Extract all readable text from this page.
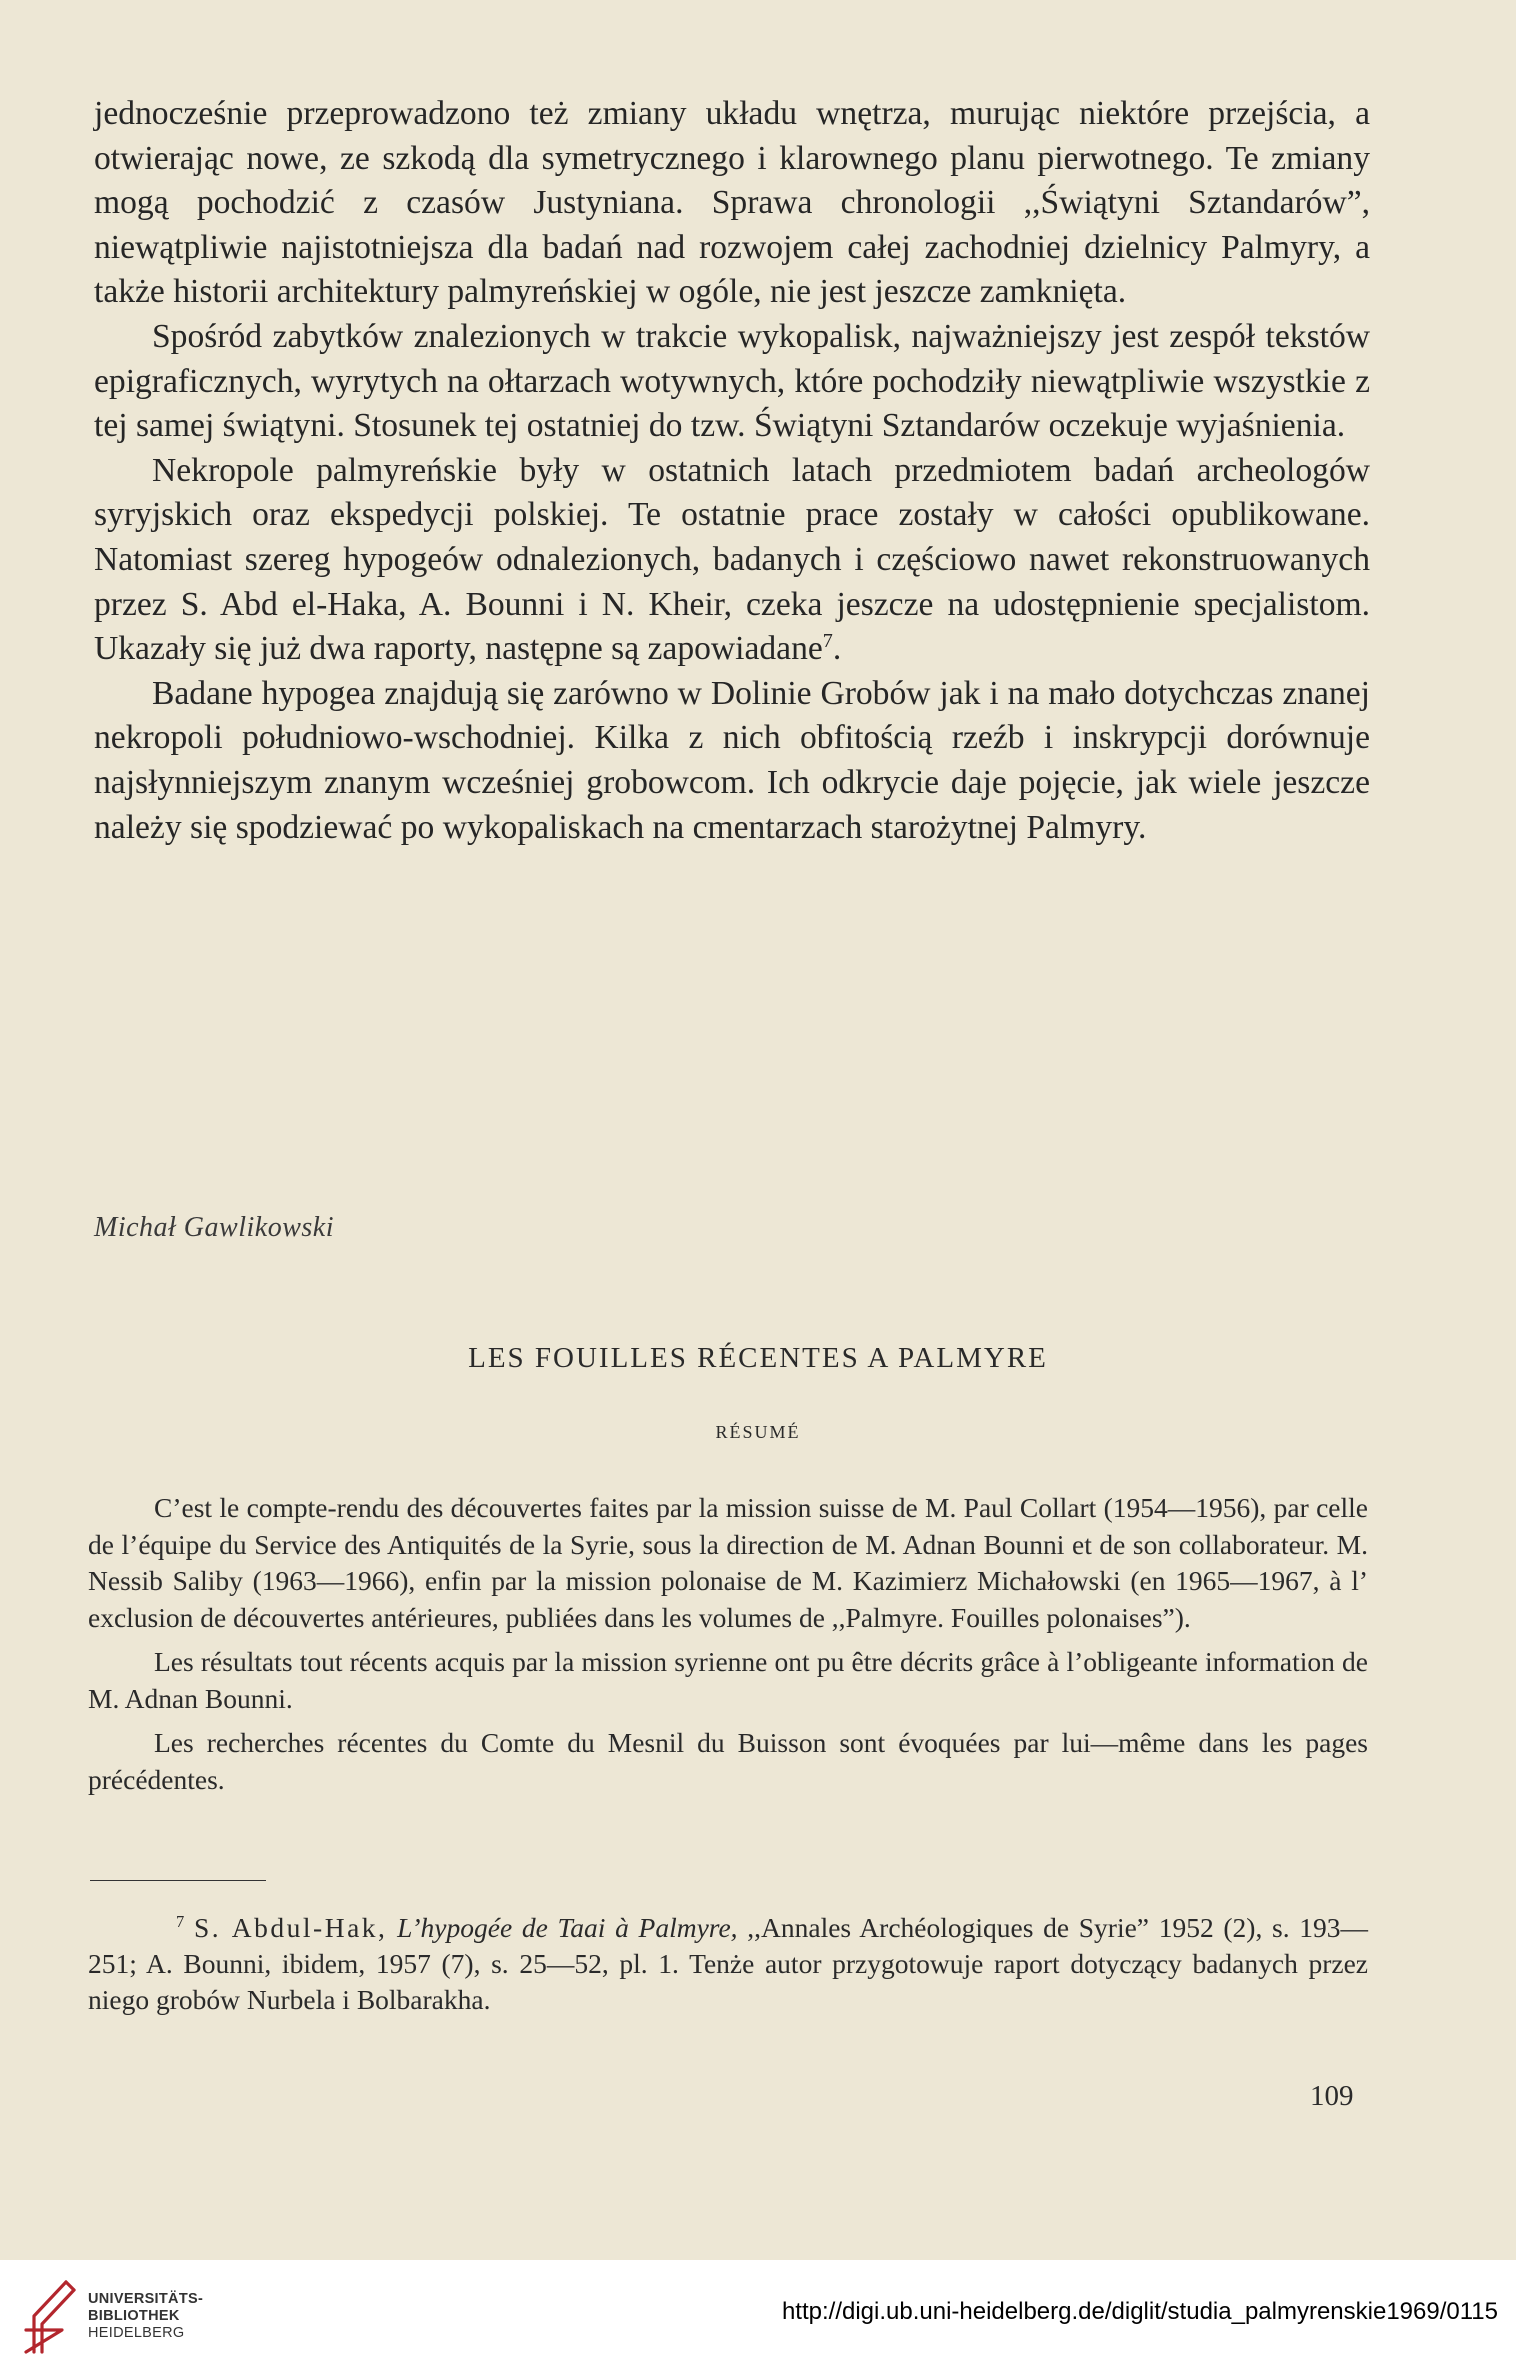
jednocześnie przeprowadzono też zmiany układu wnętrza, murując niektóre przejścia, a otwierając nowe, ze szkodą dla symetrycznego i klarownego planu pierwotnego. Te zmiany mogą pochodzić z czasów Justyniana. Sprawa chronologii ,,Świątyni Sztandarów”, niewątpliwie najistotniejsza dla badań nad rozwojem całej zachodniej dzielnicy Palmyry, a także historii architektury palmyreńskiej w ogóle, nie jest jeszcze zamknięta.

Spośród zabytków znalezionych w trakcie wykopalisk, najważniejszy jest zespół tekstów epigraficznych, wyrytych na ołtarzach wotywnych, które pochodziły niewątpliwie wszystkie z tej samej świątyni. Stosunek tej ostatniej do tzw. Świątyni Sztandarów oczekuje wyjaśnienia.

Nekropole palmyreńskie były w ostatnich latach przedmiotem badań archeologów syryjskich oraz ekspedycji polskiej. Te ostatnie prace zostały w całości opublikowane. Natomiast szereg hypogeów odnalezionych, badanych i częściowo nawet rekonstruowanych przez S. Abd el-Haka, A. Bounni i N. Kheir, czeka jeszcze na udostępnienie specjalistom. Ukazały się już dwa raporty, następne są zapowiadane$^7$.

Badane hypogea znajdują się zarówno w Dolinie Grobów jak i na mało dotychczas znanej nekropoli południowo-wschodniej. Kilka z nich obfitością rzeźb i inskrypcji dorównuje najsłynniejszym znanym wcześniej grobowcom. Ich odkrycie daje pojęcie, jak wiele jeszcze należy się spodziewać po wykopaliskach na cmentarzach starożytnej Palmyry.

Michał Gawlikowski
LES FOUILLES RÉCENTES A PALMYRE
RÉSUMÉ

C’est le compte-rendu des découvertes faites par la mission suisse de M. Paul Collart (1954—1956), par celle de l’équipe du Service des Antiquités de la Syrie, sous la direction de M. Adnan Bounni et de son collaborateur. M. Nessib Saliby (1963—1966), enfin par la mission polonaise de M. Kazimierz Michałowski (en 1965—1967, à l’ exclusion de découvertes antérieures, publiées dans les volumes de ,,Palmyre. Fouilles polonaises”).

Les résultats tout récents acquis par la mission syrienne ont pu être décrits grâce à l’obligeante information de M. Adnan Bounni.

Les recherches récentes du Comte du Mesnil du Buisson sont évoquées par lui—même dans les pages précédentes.

$^7$ S. Abdul-Hak, L’hypogée de Taai à Palmyre, ,,Annales Archéologiques de Syrie” 1952 (2), s. 193—251; A. Bounni, ibidem, 1957 (7), s. 25—52, pl. 1. Tenże autor przygotowuje raport dotyczący badanych przez niego grobów Nurbela i Bolbarakha.
109
UNIVERSITÄTS-
BIBLIOTHEK
HEIDELBERG
http://digi.ub.uni-heidelberg.de/diglit/studia_palmyrenskie1969/0115
